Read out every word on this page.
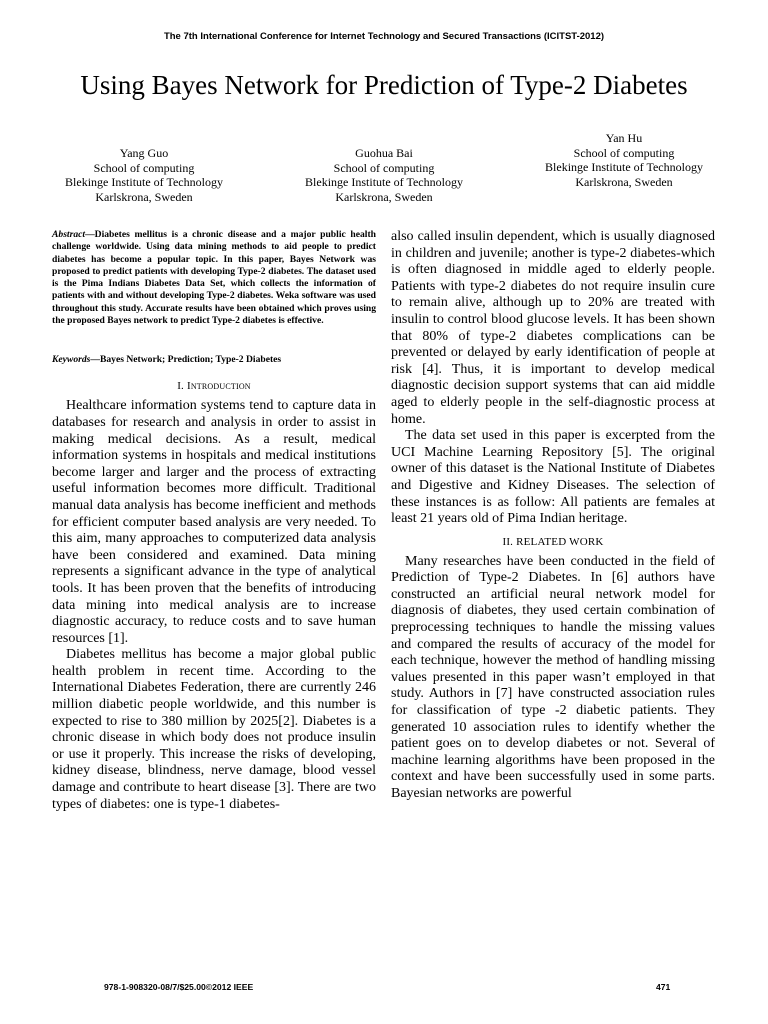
The 7th International Conference for Internet Technology and Secured Transactions (ICITST-2012)
Using Bayes Network for Prediction of Type-2 Diabetes
Yang Guo
School of computing
Blekinge Institute of Technology
Karlskrona, Sweden
Guohua Bai
School of computing
Blekinge Institute of Technology
Karlskrona, Sweden
Yan Hu
School of computing
Blekinge Institute of Technology
Karlskrona, Sweden

Abstract—Diabetes mellitus is a chronic disease and a major public health challenge worldwide. Using data mining methods to aid people to predict diabetes has become a popular topic. In this paper, Bayes Network was proposed to predict patients with developing Type-2 diabetes. The dataset used is the Pima Indians Diabetes Data Set, which collects the information of patients with and without developing Type-2 diabetes. Weka software was used throughout this study. Accurate results have been obtained which proves using the proposed Bayes network to predict Type-2 diabetes is effective.

Keywords—Bayes Network; Prediction; Type-2 Diabetes

I. Introduction

Healthcare information systems tend to capture data in databases for research and analysis in order to assist in making medical decisions. As a result, medical information systems in hospitals and medical institutions become larger and larger and the process of extracting useful information becomes more difficult. Traditional manual data analysis has become inefficient and methods for efficient computer based analysis are very needed. To this aim, many approaches to computerized data analysis have been considered and examined. Data mining represents a significant advance in the type of analytical tools. It has been proven that the benefits of introducing data mining into medical analysis are to increase diagnostic accuracy, to reduce costs and to save human resources [1].

Diabetes mellitus has become a major global public health problem in recent time. According to the International Diabetes Federation, there are currently 246 million diabetic people worldwide, and this number is expected to rise to 380 million by 2025[2]. Diabetes is a chronic disease in which body does not produce insulin or use it properly. This increase the risks of developing, kidney disease, blindness, nerve damage, blood vessel damage and contribute to heart disease [3]. There are two types of diabetes: one is type-1 diabetes-

also called insulin dependent, which is usually diagnosed in children and juvenile; another is type-2 diabetes-which is often diagnosed in middle aged to elderly people. Patients with type-2 diabetes do not require insulin cure to remain alive, although up to 20% are treated with insulin to control blood glucose levels. It has been shown that 80% of type-2 diabetes complications can be prevented or delayed by early identification of people at risk [4]. Thus, it is important to develop medical diagnostic decision support systems that can aid middle aged to elderly people in the self-diagnostic process at home.

The data set used in this paper is excerpted from the UCI Machine Learning Repository [5]. The original owner of this dataset is the National Institute of Diabetes and Digestive and Kidney Diseases. The selection of these instances is as follow: All patients are females at least 21 years old of Pima Indian heritage.

II. RELATED WORK

Many researches have been conducted in the field of Prediction of Type-2 Diabetes. In [6] authors have constructed an artificial neural network model for diagnosis of diabetes, they used certain combination of preprocessing techniques to handle the missing values and compared the results of accuracy of the model for each technique, however the method of handling missing values presented in this paper wasn’t employed in that study. Authors in [7] have constructed association rules for classification of type -2 diabetic patients. They generated 10 association rules to identify whether the patient goes on to develop diabetes or not. Several of machine learning algorithms have been proposed in the context and have been successfully used in some parts. Bayesian networks are powerful

978-1-908320-08/7/$25.00©2012 IEEE	471
